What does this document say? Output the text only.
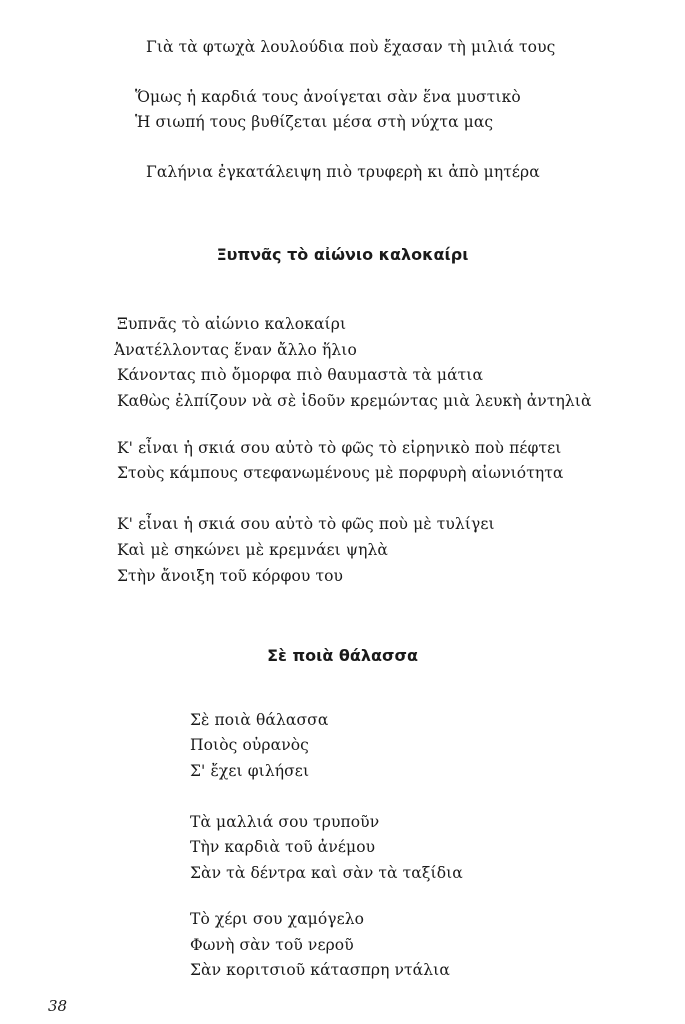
Γιὰ τὰ φτωχὰ λουλούδια ποὺ ἔχασαν τὴ μιλιά τους
Ὅμως ἡ καρδιά τους ἀνοίγεται σὰν ἕνα μυστικὸ
Ἡ σιωπή τους βυθίζεται μέσα στὴ νύχτα μας
Γαλήνια ἐγκατάλειψη πιὸ τρυφερὴ κι ἀπὸ μητέρα
Ξυπνᾶς τὸ αἰώνιο καλοκαίρι
Ξυπνᾶς τὸ αἰώνιο καλοκαίρι
Ἀνατέλλοντας ἕναν ἄλλο ἥλιο
Κάνοντας πιὸ ὄμορφα πιὸ θαυμαστὰ τὰ μάτια
Καθὼς ἐλπίζουν νὰ σὲ ἰδοῦν κρεμώντας μιὰ λευκὴ ἀντηλιὰ
Κ' εἶναι ἡ σκιά σου αὐτὸ τὸ φῶς τὸ εἰρηνικὸ ποὺ πέφτει
Στοὺς κάμπους στεφανωμένους μὲ πορφυρὴ αἰωνιότητα
Κ' εἶναι ἡ σκιά σου αὐτὸ τὸ φῶς ποὺ μὲ τυλίγει
Καὶ μὲ σηκώνει μὲ κρεμνάει ψηλὰ
Στὴν ἄνοιξη τοῦ κόρφου του
Σὲ ποιὰ θάλασσα
Σὲ ποιὰ θάλασσα
Ποιὸς οὐρανὸς
Σ' ἔχει φιλήσει
Τὰ μαλλιά σου τρυποῦν
Τὴν καρδιὰ τοῦ ἀνέμου
Σὰν τὰ δέντρα καὶ σὰν τὰ ταξίδια
Τὸ χέρι σου χαμόγελο
Φωνὴ σὰν τοῦ νεροῦ
Σὰν κοριτσιοῦ κάτασπρη ντάλια
38
